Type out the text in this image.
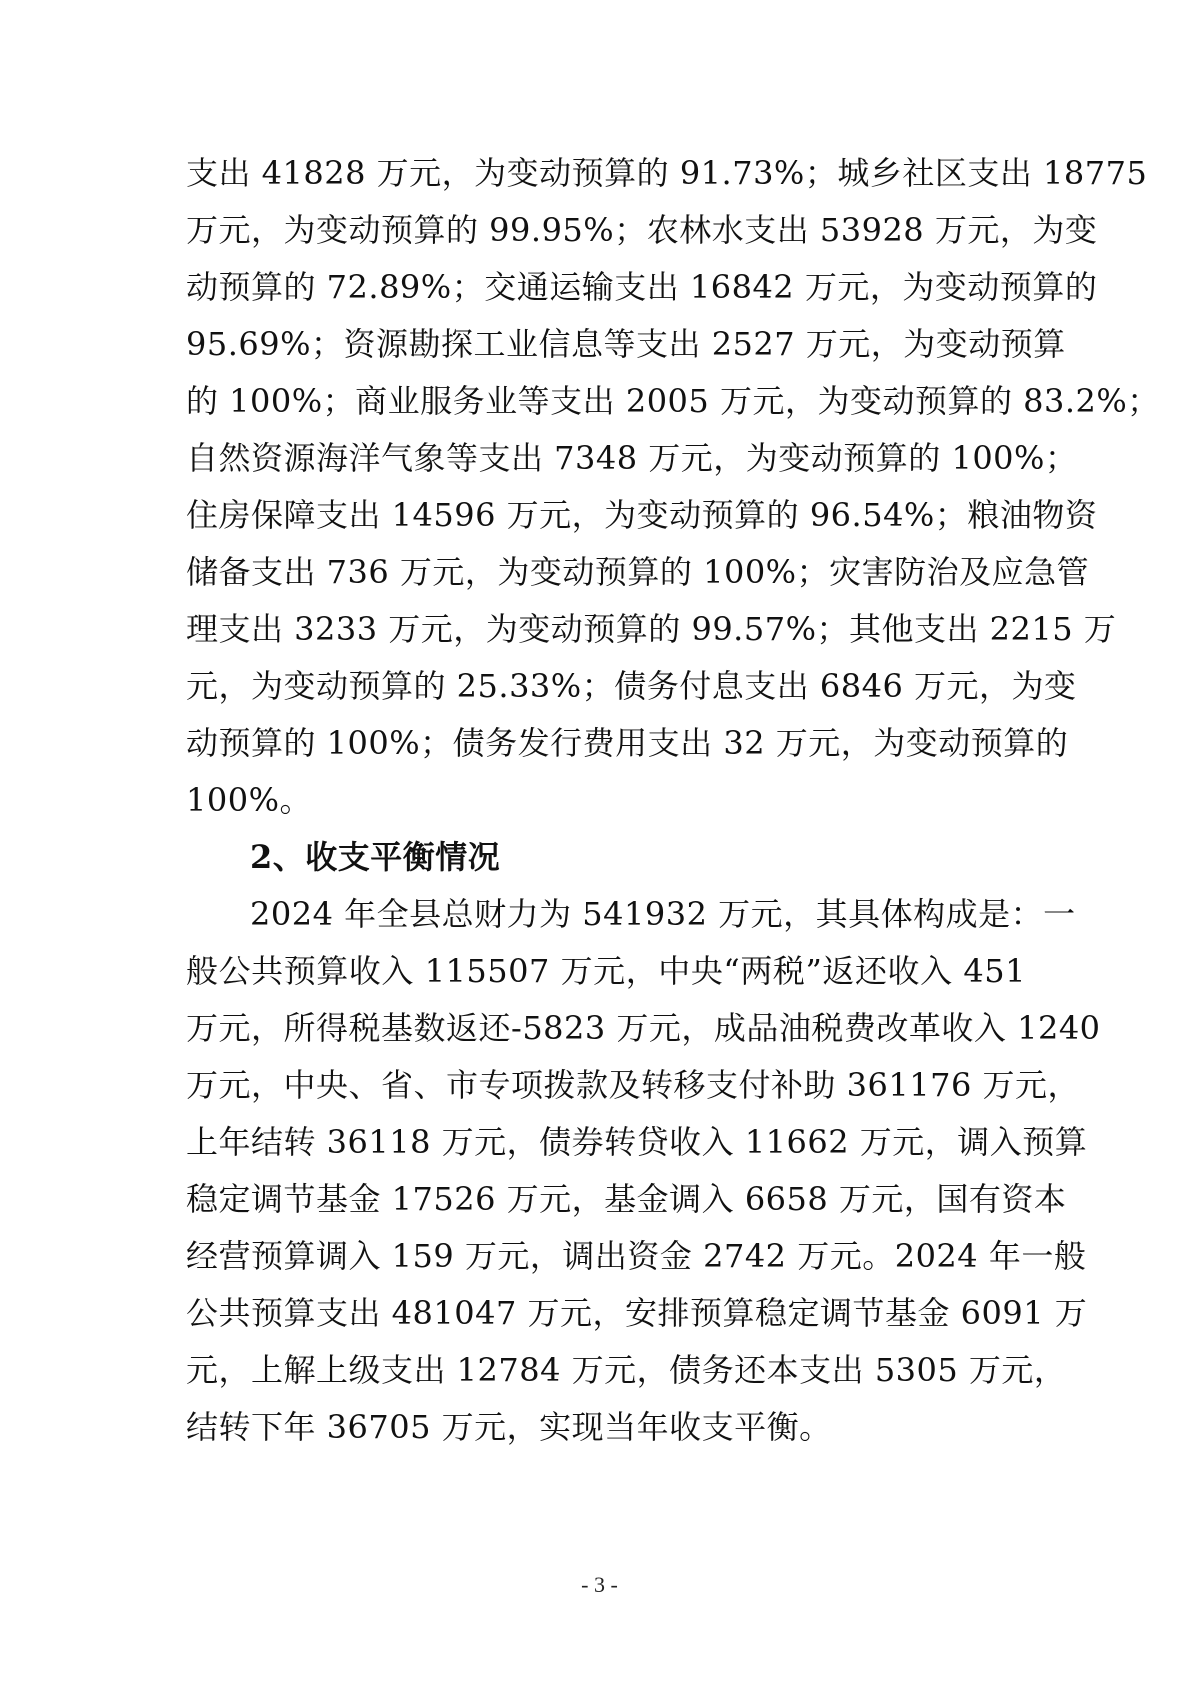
支出 41828 万元，为变动预算的 91.73%；城乡社区支出 18775
万元，为变动预算的 99.95%；农林水支出 53928 万元，为变
动预算的 72.89%；交通运输支出 16842 万元，为变动预算的
95.69%；资源勘探工业信息等支出 2527 万元，为变动预算
的 100%；商业服务业等支出 2005 万元，为变动预算的 83.2%；
自然资源海洋气象等支出 7348 万元，为变动预算的 100%；
住房保障支出 14596 万元，为变动预算的 96.54%；粮油物资
储备支出 736 万元，为变动预算的 100%；灾害防治及应急管
理支出 3233 万元，为变动预算的 99.57%；其他支出 2215 万
元，为变动预算的 25.33%；债务付息支出 6846 万元，为变
动预算的 100%；债务发行费用支出 32 万元，为变动预算的
100%。
2、收支平衡情况
2024 年全县总财力为 541932 万元，其具体构成是：一
般公共预算收入 115507 万元，中央“两税”返还收入 451
万元，所得税基数返还-5823 万元，成品油税费改革收入 1240
万元，中央、省、市专项拨款及转移支付补助 361176 万元，
上年结转 36118 万元，债券转贷收入 11662 万元，调入预算
稳定调节基金 17526 万元，基金调入 6658 万元，国有资本
经营预算调入 159 万元，调出资金 2742 万元。2024 年一般
公共预算支出 481047 万元，安排预算稳定调节基金 6091 万
元，上解上级支出 12784 万元，债务还本支出 5305 万元，
结转下年 36705 万元，实现当年收支平衡。
- 3 -
